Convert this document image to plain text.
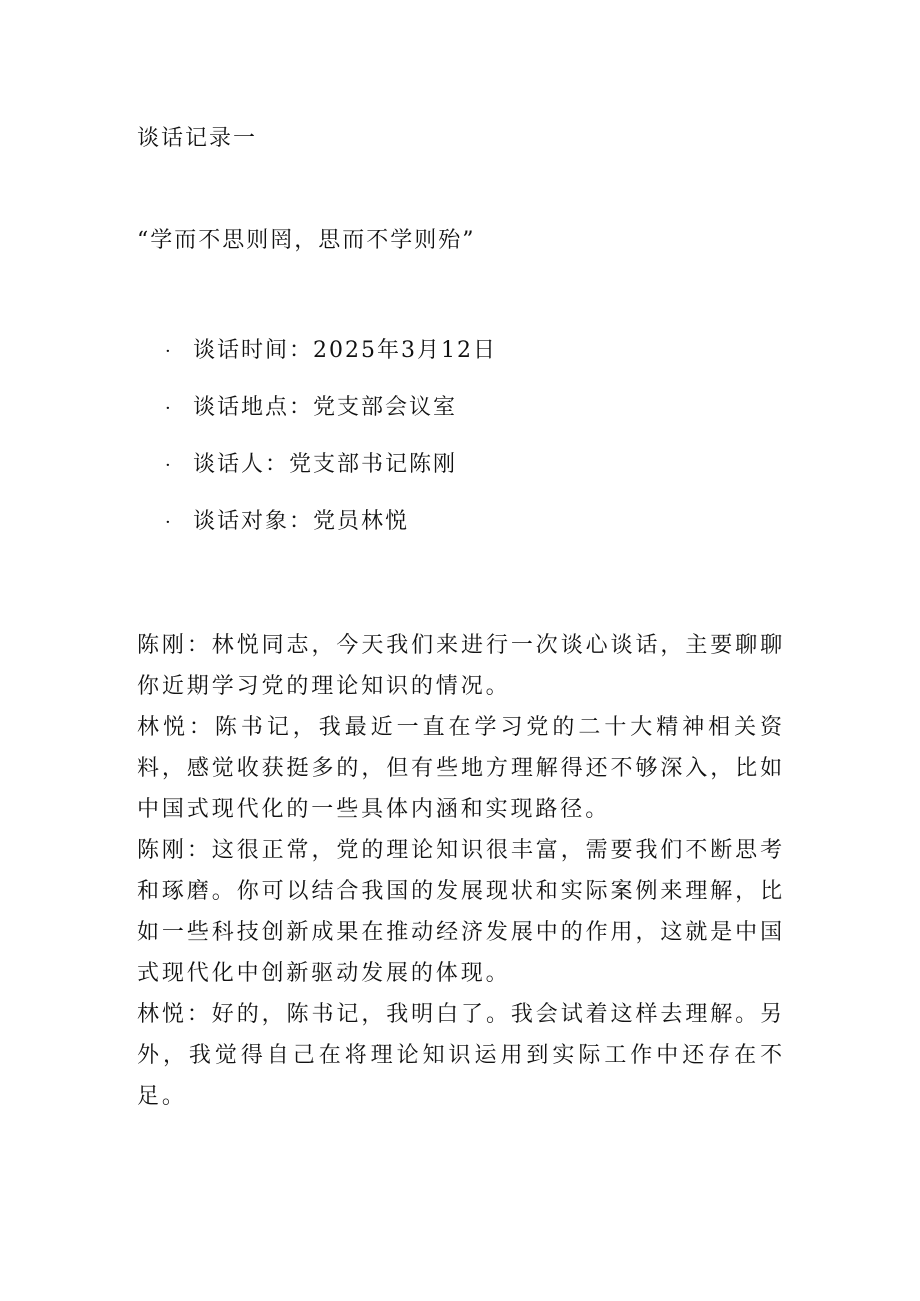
谈话记录一

“学而不思则罔，思而不学则殆”

· 谈话时间：2025年3月12日
· 谈话地点：党支部会议室
· 谈话人：党支部书记陈刚
· 谈话对象：党员林悦

陈刚：林悦同志，今天我们来进行一次谈心谈话，主要聊聊你近期学习党的理论知识的情况。

林悦：陈书记，我最近一直在学习党的二十大精神相关资料，感觉收获挺多的，但有些地方理解得还不够深入，比如中国式现代化的一些具体内涵和实现路径。

陈刚：这很正常，党的理论知识很丰富，需要我们不断思考和琢磨。你可以结合我国的发展现状和实际案例来理解，比如一些科技创新成果在推动经济发展中的作用，这就是中国式现代化中创新驱动发展的体现。

林悦：好的，陈书记，我明白了。我会试着这样去理解。另外，我觉得自己在将理论知识运用到实际工作中还存在不足。
